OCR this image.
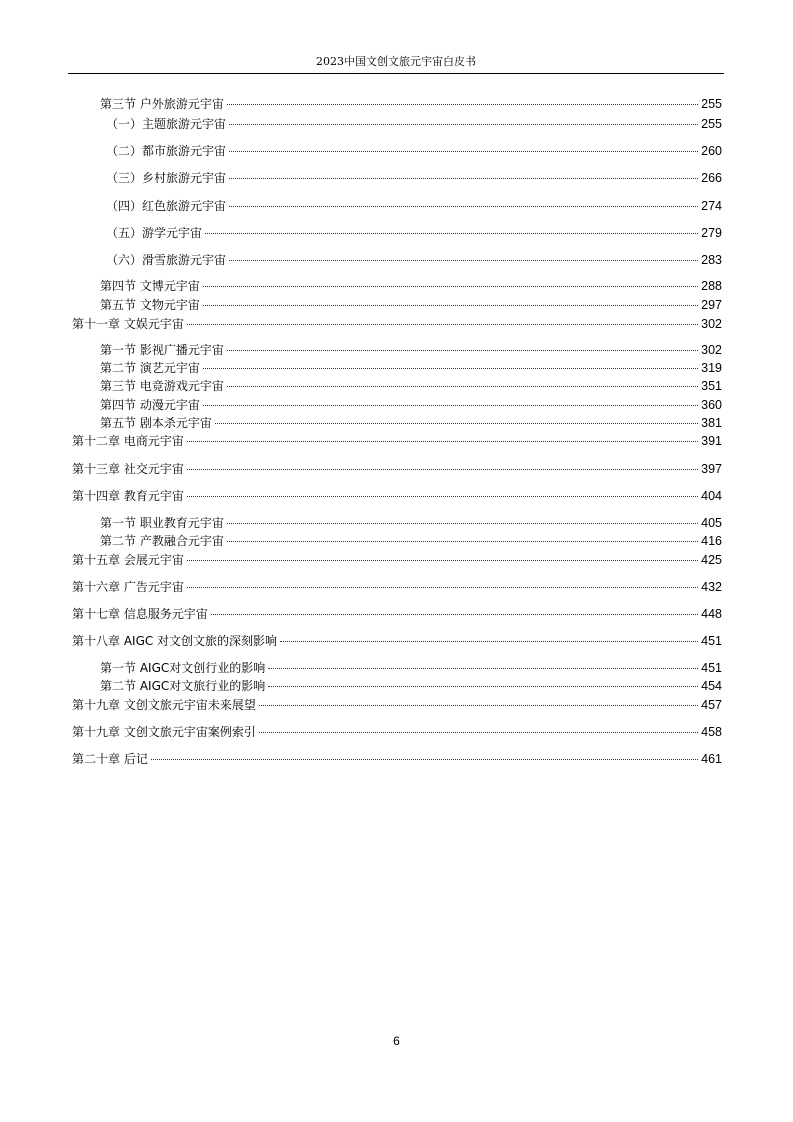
2023中国文创文旅元宇宙白皮书
第三节 户外旅游元宇宙	255
（一）主题旅游元宇宙	255
（二）都市旅游元宇宙	260
（三）乡村旅游元宇宙	266
（四）红色旅游元宇宙	274
（五）游学元宇宙	279
（六）滑雪旅游元宇宙	283
第四节 文博元宇宙	288
第五节 文物元宇宙	297
第十一章 文娱元宇宙	302
第一节 影视广播元宇宙	302
第二节 演艺元宇宙	319
第三节 电竞游戏元宇宙	351
第四节 动漫元宇宙	360
第五节 剧本杀元宇宙	381
第十二章 电商元宇宙	391
第十三章 社交元宇宙	397
第十四章 教育元宇宙	404
第一节 职业教育元宇宙	405
第二节 产教融合元宇宙	416
第十五章 会展元宇宙	425
第十六章 广告元宇宙	432
第十七章 信息服务元宇宙	448
第十八章 AIGC 对文创文旅的深刻影响	451
第一节 AIGC对文创行业的影响	451
第二节 AIGC对文旅行业的影响	454
第十九章 文创文旅元宇宙未来展望	457
第十九章 文创文旅元宇宙案例索引	458
第二十章 后记	461
6
